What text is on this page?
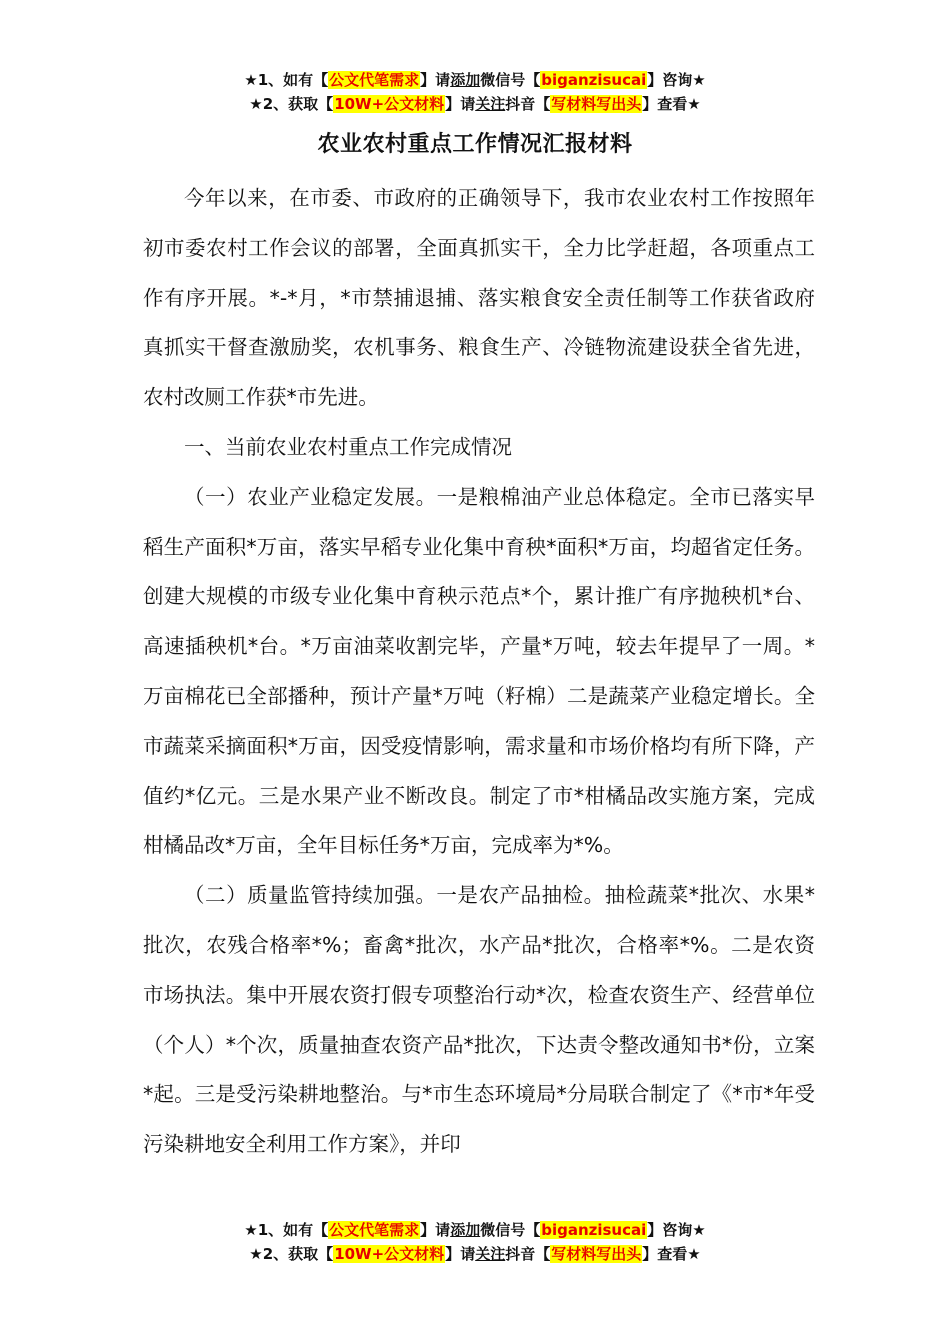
★1、如有【公文代笔需求】请添加微信号【biganzisucai】咨询★
★2、获取【10W+公文材料】请关注抖音【写材料写出头】查看★
农业农村重点工作情况汇报材料

今年以来，在市委、市政府的正确领导下，我市农业农村工作按照年初市委农村工作会议的部署，全面真抓实干，全力比学赶超，各项重点工作有序开展。*-*月，*市禁捕退捕、落实粮食安全责任制等工作获省政府真抓实干督查激励奖，农机事务、粮食生产、冷链物流建设获全省先进，农村改厕工作获*市先进。

一、当前农业农村重点工作完成情况

（一）农业产业稳定发展。一是粮棉油产业总体稳定。全市已落实早稻生产面积*万亩，落实早稻专业化集中育秧*面积*万亩，均超省定任务。创建大规模的市级专业化集中育秧示范点*个，累计推广有序抛秧机*台、高速插秧机*台。*万亩油菜收割完毕，产量*万吨，较去年提早了一周。*万亩棉花已全部播种，预计产量*万吨（籽棉）二是蔬菜产业稳定增长。全市蔬菜采摘面积*万亩，因受疫情影响，需求量和市场价格均有所下降，产值约*亿元。三是水果产业不断改良。制定了市*柑橘品改实施方案，完成柑橘品改*万亩，全年目标任务*万亩，完成率为*%。

（二）质量监管持续加强。一是农产品抽检。抽检蔬菜*批次、水果*批次，农残合格率*%；畜禽*批次，水产品*批次，合格率*%。二是农资市场执法。集中开展农资打假专项整治行动*次，检查农资生产、经营单位（个人）*个次，质量抽查农资产品*批次，下达责令整改通知书*份，立案*起。三是受污染耕地整治。与*市生态环境局*分局联合制定了《*市*年受污染耕地安全利用工作方案》，并印

★1、如有【公文代笔需求】请添加微信号【biganzisucai】咨询★
★2、获取【10W+公文材料】请关注抖音【写材料写出头】查看★
